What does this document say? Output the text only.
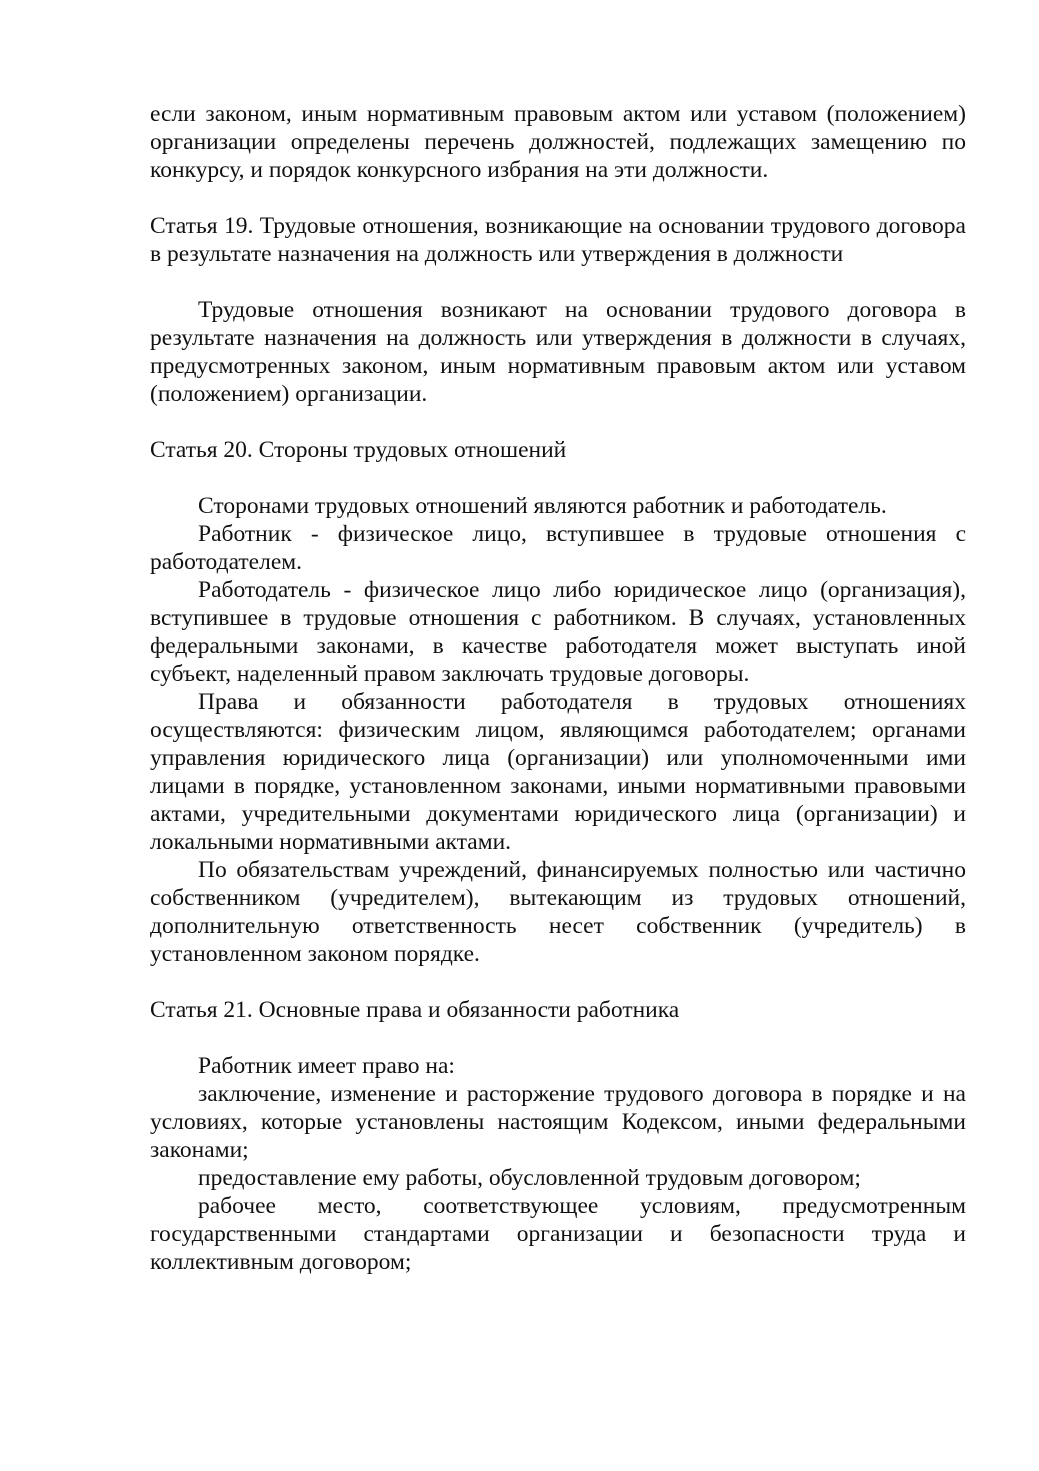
если законом, иным нормативным правовым актом или уставом (положением) организации определены перечень должностей, подлежащих замещению по конкурсу, и порядок конкурсного избрания на эти должности.

Статья 19. Трудовые отношения, возникающие на основании трудового договора в результате назначения на должность или утверждения в должности

Трудовые отношения возникают на основании трудового договора в результате назначения на должность или утверждения в должности в случаях, предусмотренных законом, иным нормативным правовым актом или уставом (положением) организации.

Статья 20. Стороны трудовых отношений

Сторонами трудовых отношений являются работник и работодатель.

Работник - физическое лицо, вступившее в трудовые отношения с работодателем.

Работодатель - физическое лицо либо юридическое лицо (организация), вступившее в трудовые отношения с работником. В случаях, установленных федеральными законами, в качестве работодателя может выступать иной субъект, наделенный правом заключать трудовые договоры.

Права и обязанности работодателя в трудовых отношениях осуществляются: физическим лицом, являющимся работодателем; органами управления юридического лица (организации) или уполномоченными ими лицами в порядке, установленном законами, иными нормативными правовыми актами, учредительными документами юридического лица (организации) и локальными нормативными актами.

По обязательствам учреждений, финансируемых полностью или частично собственником (учредителем), вытекающим из трудовых отношений, дополнительную ответственность несет собственник (учредитель) в установленном законом порядке.

Статья 21. Основные права и обязанности работника

Работник имеет право на:

заключение, изменение и расторжение трудового договора в порядке и на условиях, которые установлены настоящим Кодексом, иными федеральными законами;

предоставление ему работы, обусловленной трудовым договором;

рабочее место, соответствующее условиям, предусмотренным государственными стандартами организации и безопасности труда и коллективным договором;
